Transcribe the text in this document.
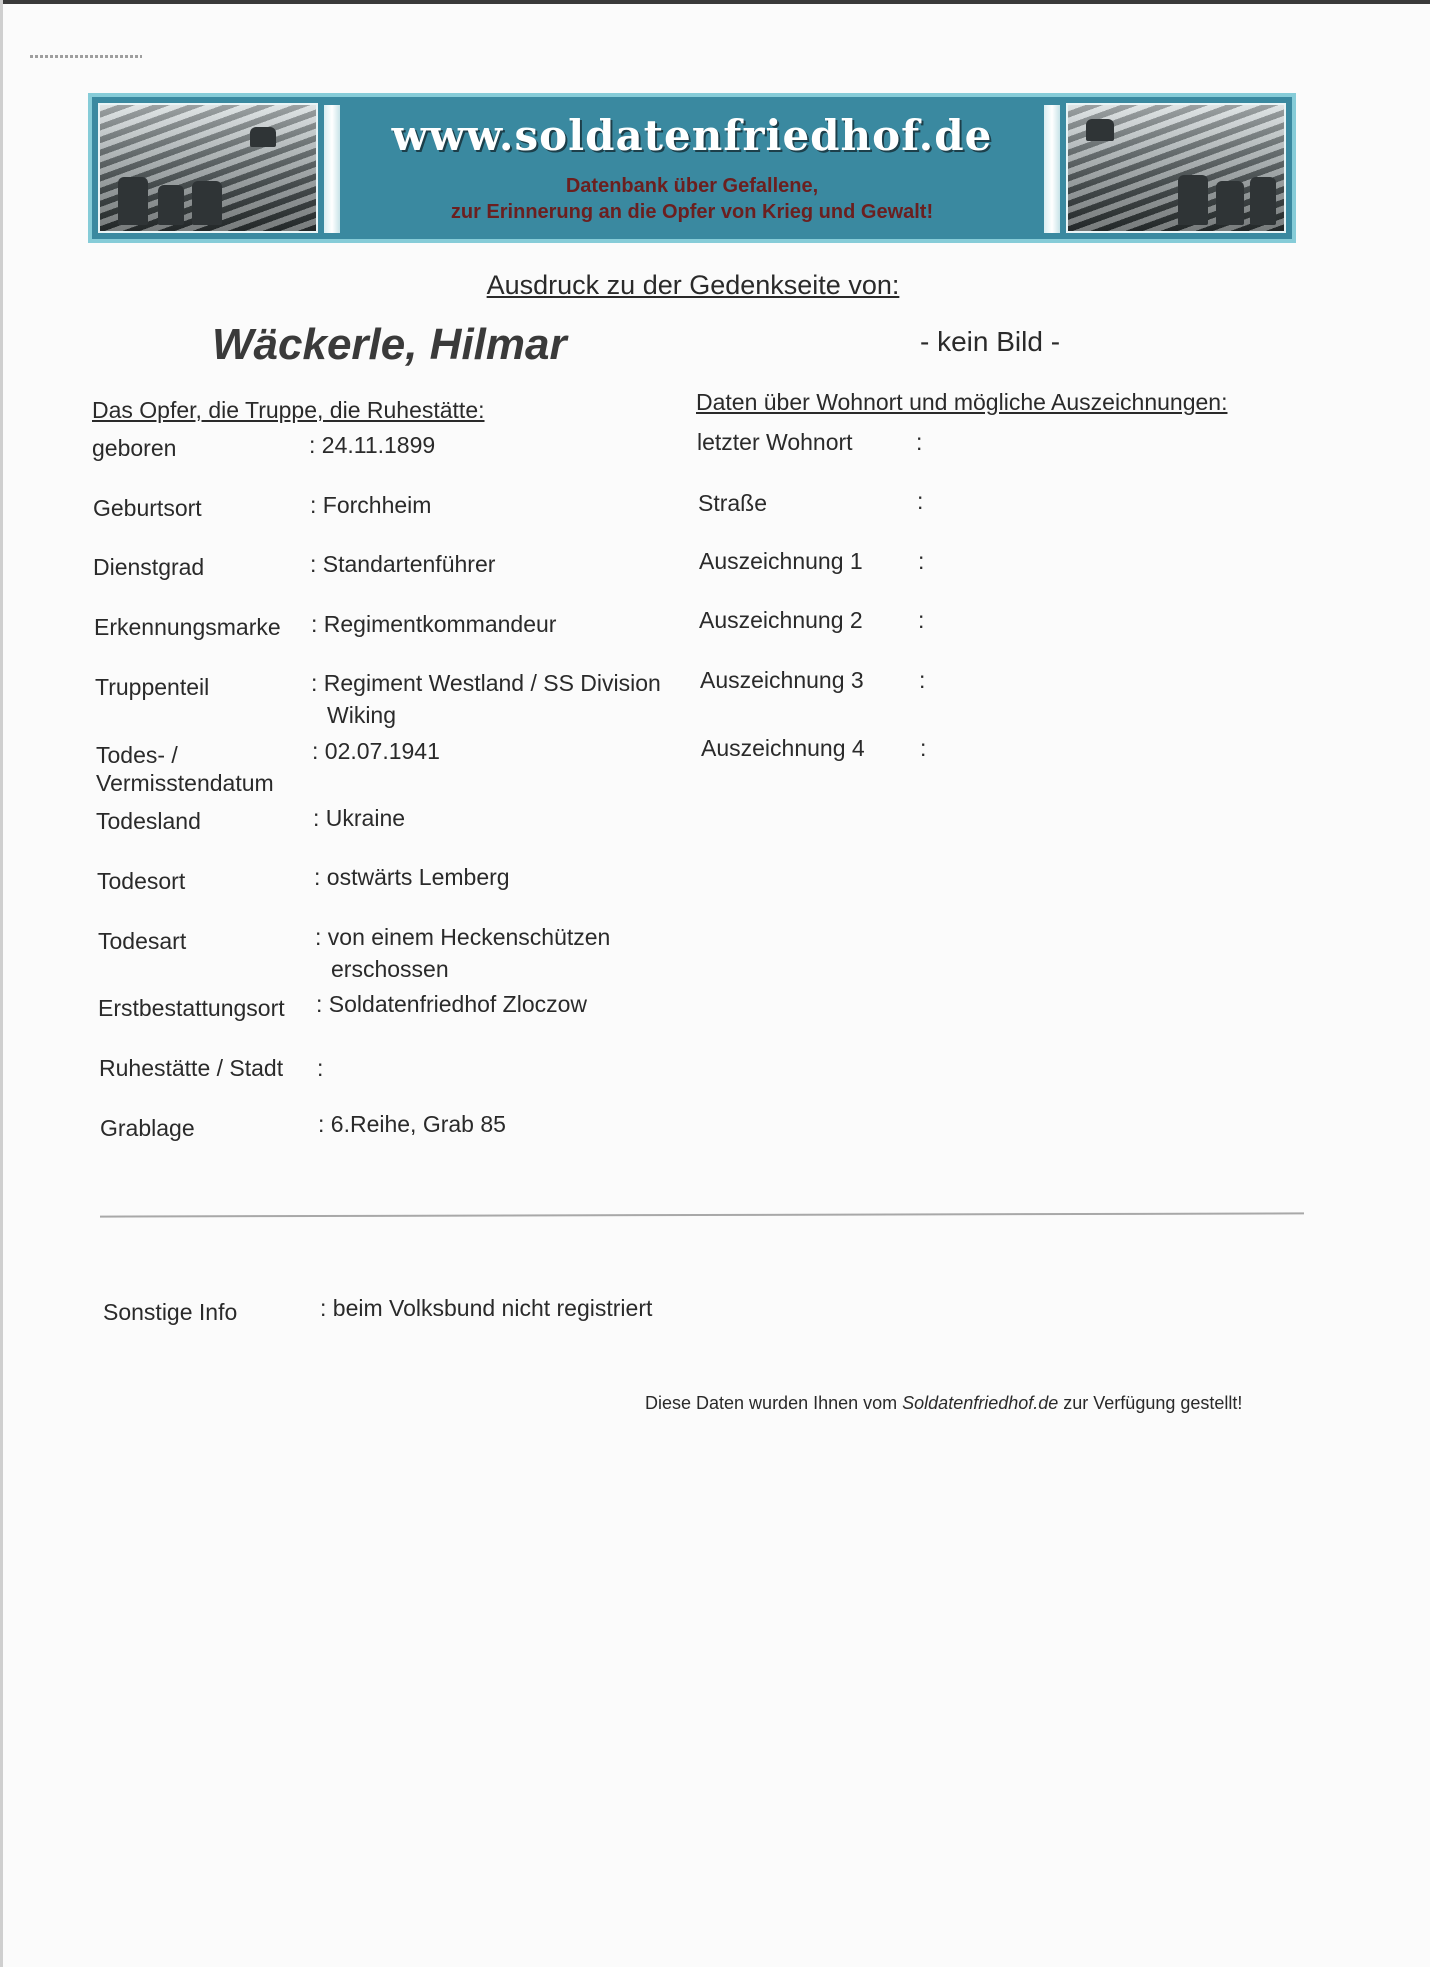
www.soldatenfriedhof.de
Datenbank über Gefallene,
zur Erinnerung an die Opfer von Krieg und Gewalt!
Ausdruck zu der Gedenkseite von:
Wäckerle, Hilmar	- kein Bild -
Das Opfer, die Truppe, die Ruhestätte:	Daten über Wohnort und mögliche Auszeichnungen:
geboren	: 24.11.1899
Geburtsort	: Forchheim
Dienstgrad	: Standartenführer
Erkennungsmarke : Regimentkommandeur
Truppenteil	: Regiment Westland / SS Division
Wiking
Todes- /
Vermisstendatum
: 02.07.1941
Todesland	: Ukraine
Todesort	: ostwärts Lemberg
Todesart	: von einem Heckenschützen
erschossen
Erstbestattungsort : Soldatenfriedhof Zloczow
Ruhestätte / Stadt :
Grablage	: 6.Reihe, Grab 85
letzter Wohnort	:
Straße	:
Auszeichnung 1 :
Auszeichnung 2 :
Auszeichnung 3 :
Auszeichnung 4 :
Sonstige Info	: beim Volksbund nicht registriert
Diese Daten wurden Ihnen vom Soldatenfriedhof.de zur Verfügung gestellt!
